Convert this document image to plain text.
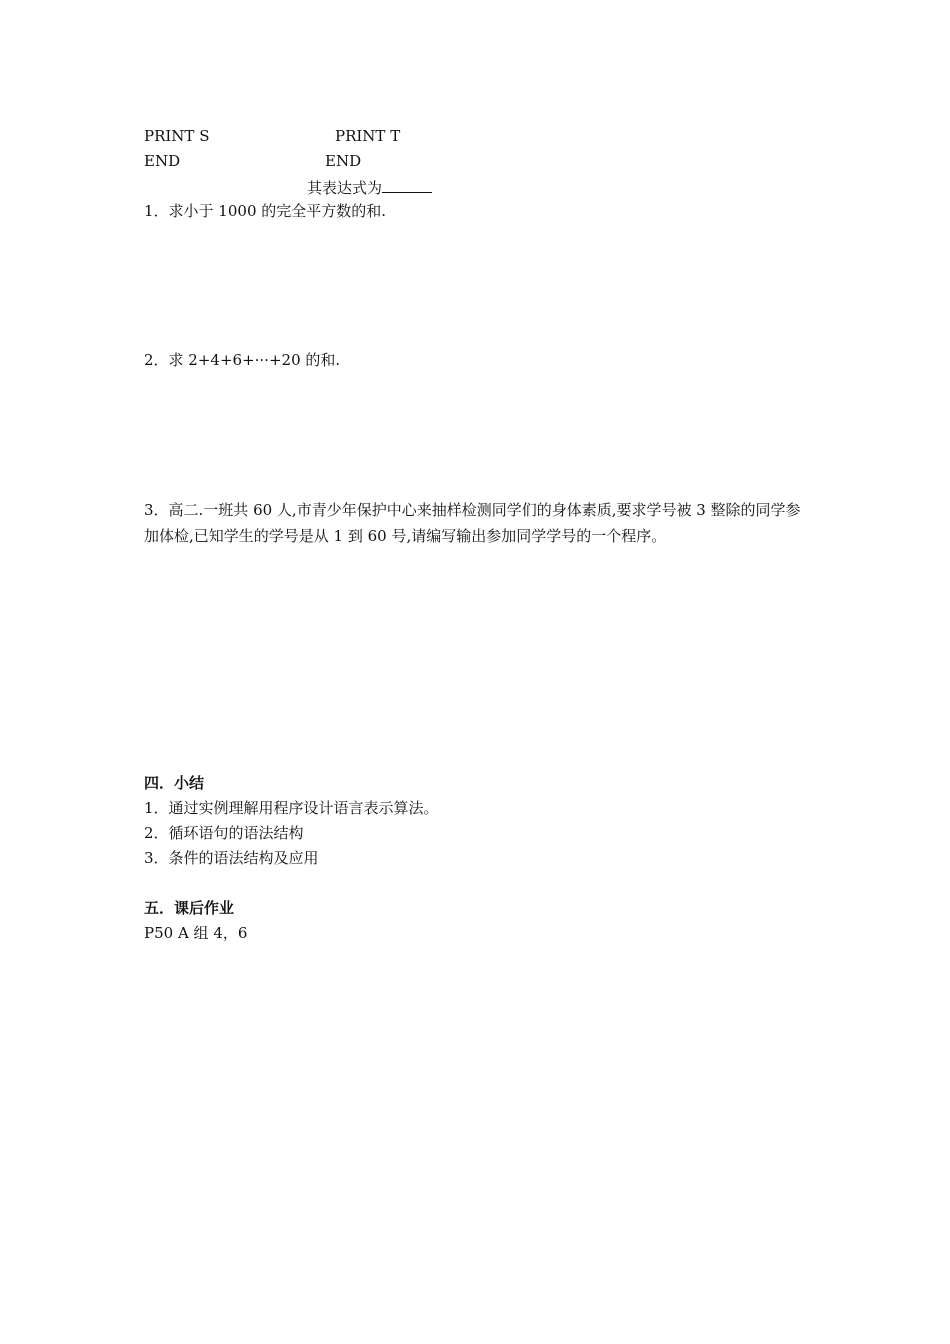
PRINT S	PRINT T
END	END
其表达式为
1．求小于 1000 的完全平方数的和.
2．求 2+4+6+···+20 的和.
3．高二.一班共 60 人,市青少年保护中心来抽样检测同学们的身体素质,要求学号被 3 整除的同学参加体检,已知学生的学号是从 1 到 60 号,请编写输出参加同学学号的一个程序。
四．小结
1．通过实例理解用程序设计语言表示算法。
2．循环语句的语法结构
3．条件的语法结构及应用
五．课后作业
P50 A 组 4，6
